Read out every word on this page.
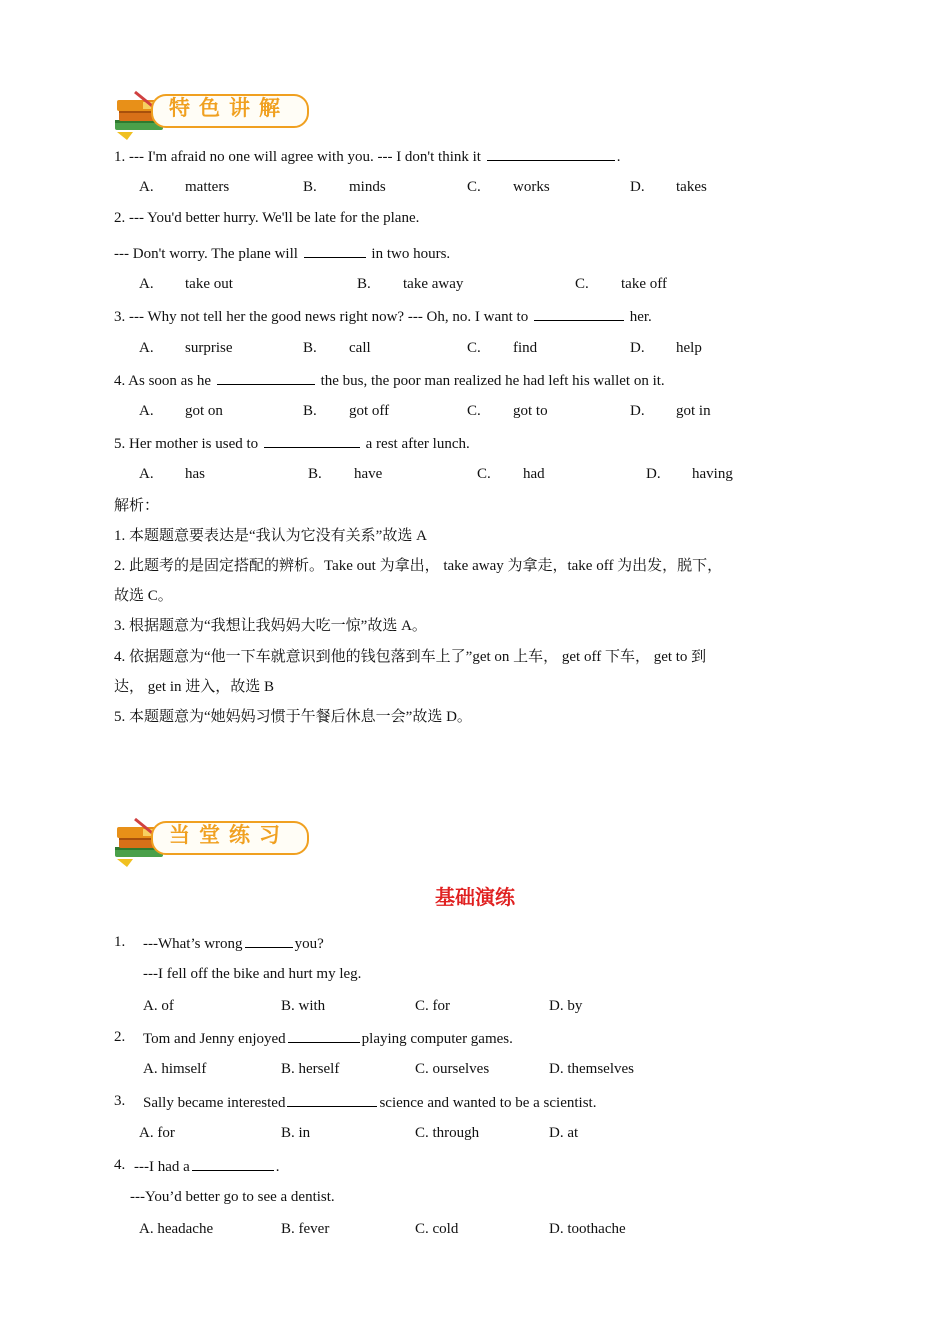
特色讲解
1. --- I'm afraid no one will agree with you. --- I don't think it	.
A. matters	B. minds	C. works	D. takes
2. --- You'd better hurry. We'll be late for the plane.
--- Don't worry. The plane will	in two hours.
A. take out	B. take away	C. take off
3. --- Why not tell her the good news right now? --- Oh, no. I want to	her.
A. surprise	B. call	C. find	D. help
4. As soon as he	the bus, the poor man realized he had left his wallet on it.
A. got on	B. got off	C. got to	D. got in
5. Her mother is used to	a rest after lunch.
A. has	B. have	C. had	D. having
解析：
1. 本题题意要表达是“我认为它没有关系”故选 A
2. 此题考的是固定搭配的辨析。Take out 为拿出， take away 为拿走，take off 为出发，脱下，
故选 C。
3. 根据题意为“我想让我妈妈大吃一惊”故选 A。
4. 依据题意为“他一下车就意识到他的钱包落到车上了”get on 上车， get off 下车， get to 到
达， get in 进入，故选 B
5. 本题题意为“她妈妈习惯于午餐后休息一会”故选 D。
当堂练习
基础演练
1. ---What’s wrong	you?
---I fell off the bike and hurt my leg.
A. of	B. with	C. for	D. by
2. Tom and Jenny enjoyed	playing computer games.
A. himself	B. herself	C. ourselves	D. themselves
3. Sally became interested	science and wanted to be a scientist.
A. for	B. in	C. through	D. at
4. ---I had a	.
---You’d better go to see a dentist.
A. headache	B. fever	C. cold	D. toothache
